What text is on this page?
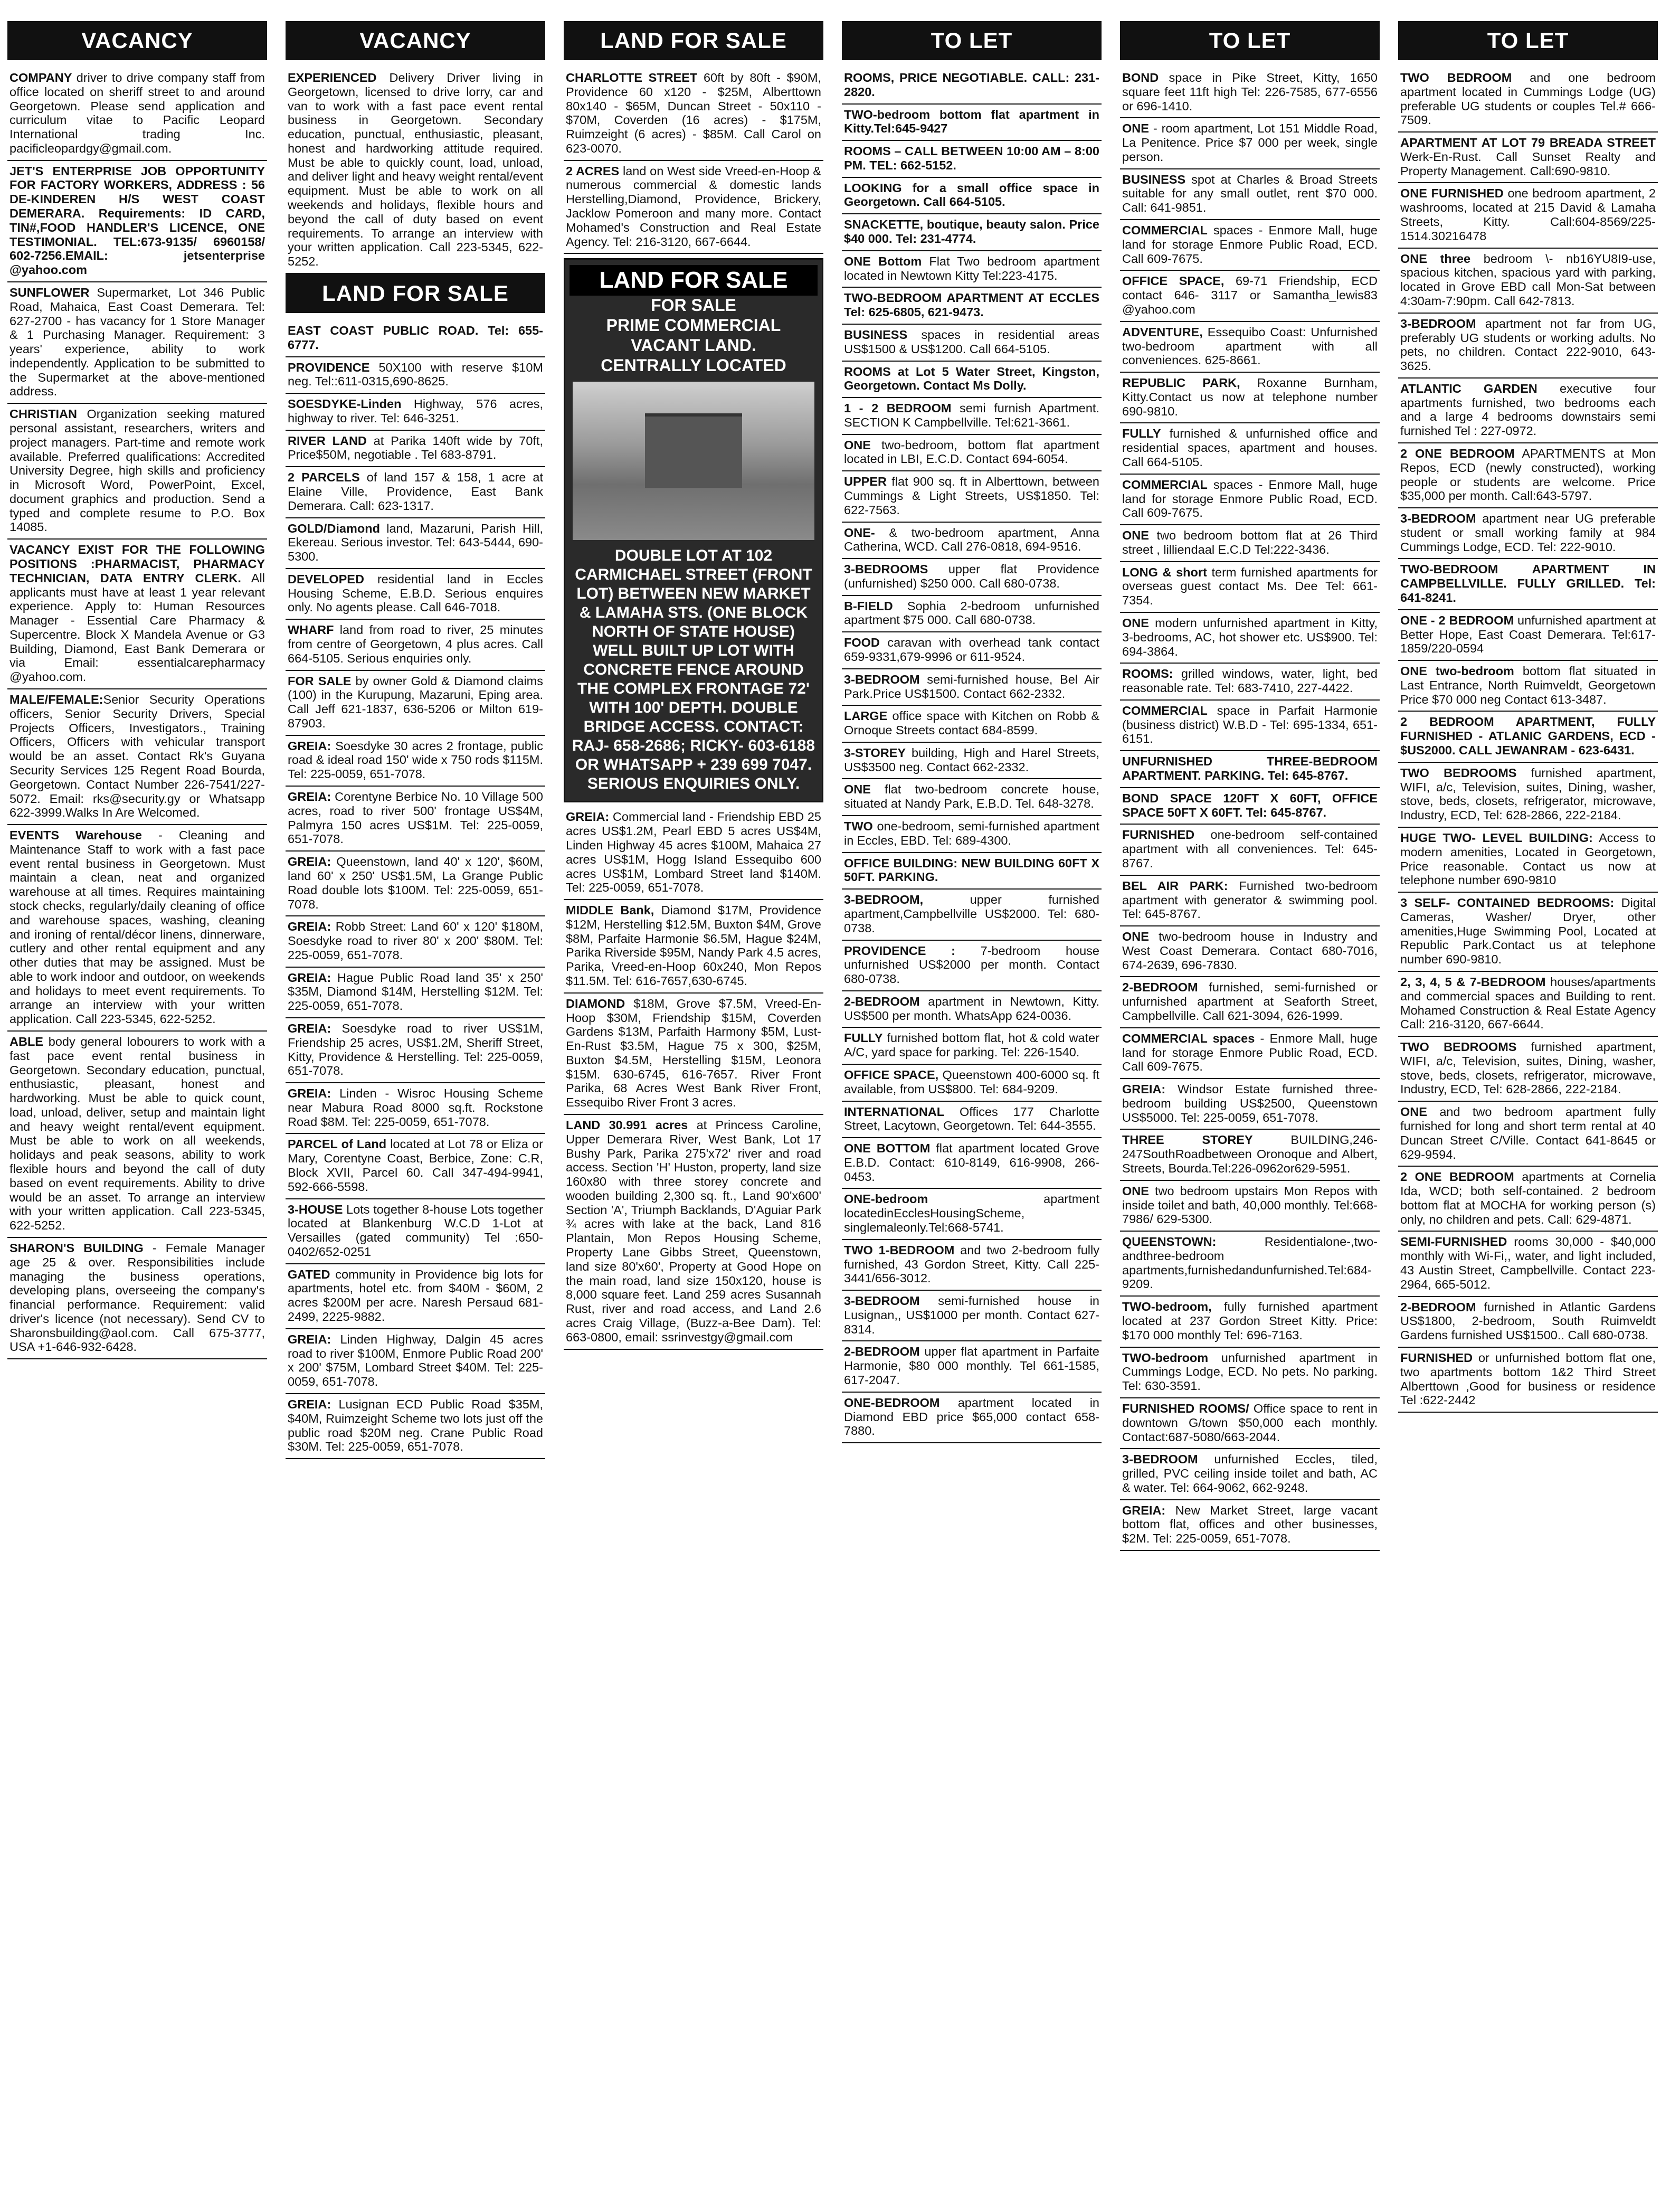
VACANCY
COMPANY driver to drive company staff from office located on sheriff street to and around Georgetown. Please send application and curriculum vitae to Pacific Leopard International trading Inc. pacificleopardgy@gmail.com.
JET'S ENTERPRISE JOB OPPORTUNITY FOR FACTORY WORKERS, ADDRESS : 56 DE-KINDEREN H/S WEST COAST DEMERARA. Requirements: ID CARD, TIN#,FOOD HANDLER'S LICENCE, ONE TESTIMONIAL. TEL:673-9135/ 6960158/ 602-7256.EMAIL: jetsenterprise @yahoo.com
SUNFLOWER Supermarket, Lot 346 Public Road, Mahaica, East Coast Demerara. Tel: 627-2700 - has vacancy for 1 Store Manager & 1 Purchasing Manager. Requirement: 3 years' experience, ability to work independently. Application to be submitted to the Supermarket at the above-mentioned address.
CHRISTIAN Organization seeking matured personal assistant, researchers, writers and project managers. Part-time and remote work available. Preferred qualifications: Accredited University Degree, high skills and proficiency in Microsoft Word, PowerPoint, Excel, document graphics and production. Send a typed and complete resume to P.O. Box 14085.
VACANCY EXIST FOR THE FOLLOWING POSITIONS :PHARMACIST, PHARMACY TECHNICIAN, DATA ENTRY CLERK. All applicants must have at least 1 year relevant experience. Apply to: Human Resources Manager - Essential Care Pharmacy & Supercentre. Block X Mandela Avenue or G3 Building, Diamond, East Bank Demerara or via Email: essentialcarepharmacy @yahoo.com.
MALE/FEMALE:Senior Security Operations officers, Senior Security Drivers, Special Projects Officers, Investigators., Training Officers, Officers with vehicular transport would be an asset. Contact Rk's Guyana Security Services 125 Regent Road Bourda, Georgetown. Contact Number 226-7541/227-5072. Email: rks@security.gy or Whatsapp 622-3999.Walks In Are Welcomed.
EVENTS Warehouse - Cleaning and Maintenance Staff to work with a fast pace event rental business in Georgetown. Must maintain a clean, neat and organized warehouse at all times. Requires maintaining stock checks, regularly/daily cleaning of office and warehouse spaces, washing, cleaning and ironing of rental/décor linens, dinnerware, cutlery and other rental equipment and any other duties that may be assigned. Must be able to work indoor and outdoor, on weekends and holidays to meet event requirements. To arrange an interview with your written application. Call 223-5345, 622-5252.
ABLE body general lobourers to work with a fast pace event rental business in Georgetown. Secondary education, punctual, enthusiastic, pleasant, honest and hardworking. Must be able to quick count, load, unload, deliver, setup and maintain light and heavy weight rental/event equipment. Must be able to work on all weekends, holidays and peak seasons, ability to work flexible hours and beyond the call of duty based on event requirements. Ability to drive would be an asset. To arrange an interview with your written application. Call 223-5345, 622-5252.
SHARON'S BUILDING - Female Manager age 25 & over. Responsibilities include managing the business operations, developing plans, overseeing the company's financial performance. Requirement: valid driver's licence (not necessary). Send CV to Sharonsbuilding@aol.com. Call 675-3777, USA +1-646-932-6428.
VACANCY
EXPERIENCED Delivery Driver living in Georgetown, licensed to drive lorry, car and van to work with a fast pace event rental business in Georgetown. Secondary education, punctual, enthusiastic, pleasant, honest and hardworking attitude required. Must be able to quickly count, load, unload, and deliver light and heavy weight rental/event equipment. Must be able to work on all weekends and holidays, flexible hours and beyond the call of duty based on event requirements. To arrange an interview with your written application. Call 223-5345, 622-5252.
LAND FOR SALE
EAST COAST PUBLIC ROAD. Tel: 655-6777.
PROVIDENCE 50X100 with reserve $10M neg. Tel::611-0315,690-8625.
SOESDYKE-Linden Highway, 576 acres, highway to river. Tel: 646-3251.
RIVER LAND at Parika 140ft wide by 70ft, Price$50M, negotiable . Tel 683-8791.
2 PARCELS of land 157 & 158, 1 acre at Elaine Ville, Providence, East Bank Demerara. Call: 623-1317.
GOLD/Diamond land, Mazaruni, Parish Hill, Ekereau. Serious investor. Tel: 643-5444, 690-5300.
DEVELOPED residential land in Eccles Housing Scheme, E.B.D. Serious enquires only. No agents please. Call 646-7018.
WHARF land from road to river, 25 minutes from centre of Georgetown, 4 plus acres. Call 664-5105. Serious enquiries only.
FOR SALE by owner Gold & Diamond claims (100) in the Kurupung, Mazaruni, Eping area. Call Jeff 621-1837, 636-5206 or Milton 619-87903.
GREIA: Soesdyke 30 acres 2 frontage, public road & ideal road 150' wide x 750 rods $115M. Tel: 225-0059, 651-7078.
GREIA: Corentyne Berbice No. 10 Village 500 acres, road to river 500' frontage US$4M, Palmyra 150 acres US$1M. Tel: 225-0059, 651-7078.
GREIA: Queenstown, land 40' x 120', $60M, land 60' x 250' US$1.5M, La Grange Public Road double lots $100M. Tel: 225-0059, 651-7078.
GREIA: Robb Street: Land 60' x 120' $180M, Soesdyke road to river 80' x 200' $80M. Tel: 225-0059, 651-7078.
GREIA: Hague Public Road land 35' x 250' $35M, Diamond $14M, Herstelling $12M. Tel: 225-0059, 651-7078.
GREIA: Soesdyke road to river US$1M, Friendship 25 acres, US$1.2M, Sheriff Street, Kitty, Providence & Herstelling. Tel: 225-0059, 651-7078.
GREIA: Linden - Wisroc Housing Scheme near Mabura Road 8000 sq.ft. Rockstone Road $8M. Tel: 225-0059, 651-7078.
PARCEL of Land located at Lot 78 or Eliza or Mary, Corentyne Coast, Berbice, Zone: C.R, Block XVII, Parcel 60. Call 347-494-9941, 592-666-5598.
3-HOUSE Lots together 8-house Lots together located at Blankenburg W.C.D 1-Lot at Versailles (gated community) Tel :650-0402/652-0251
GATED community in Providence big lots for apartments, hotel etc. from $40M - $60M, 2 acres $200M per acre. Naresh Persaud 681-2499, 2225-9882.
GREIA: Linden Highway, Dalgin 45 acres road to river $100M, Enmore Public Road 200' x 200' $75M, Lombard Street $40M. Tel: 225-0059, 651-7078.
GREIA: Lusignan ECD Public Road $35M, $40M, Ruimzeight Scheme two lots just off the public road $20M neg. Crane Public Road $30M. Tel: 225-0059, 651-7078.
LAND FOR SALE
CHARLOTTE STREET 60ft by 80ft - $90M, Providence 60 x120 - $25M, Alberttown 80x140 - $65M, Duncan Street - 50x110 - $70M, Coverden (16 acres) - $175M, Ruimzeight (6 acres) - $85M. Call Carol on 623-0070.
2 ACRES land on West side Vreed-en-Hoop & numerous commercial & domestic lands Herstelling,Diamond, Providence, Brickery, Jacklow Pomeroon and many more. Contact Mohamed's Construction and Real Estate Agency. Tel: 216-3120, 667-6644.
LAND FOR SALE
FOR SALE
PRIME COMMERCIAL
VACANT LAND.
CENTRALLY LOCATED
DOUBLE LOT AT 102 CARMICHAEL STREET (FRONT LOT) BETWEEN NEW MARKET & LAMAHA STS. (ONE BLOCK NORTH OF STATE HOUSE) WELL BUILT UP LOT WITH CONCRETE FENCE AROUND THE COMPLEX FRONTAGE 72' WITH 100' DEPTH. DOUBLE BRIDGE ACCESS. CONTACT: RAJ- 658-2686; RICKY- 603-6188 OR WHATSAPP + 239 699 7047. SERIOUS ENQUIRIES ONLY.
GREIA: Commercial land - Friendship EBD 25 acres US$1.2M, Pearl EBD 5 acres US$4M, Linden Highway 45 acres $100M, Mahaica 27 acres US$1M, Hogg Island Essequibo 600 acres US$1M, Lombard Street land $140M. Tel: 225-0059, 651-7078.
MIDDLE Bank, Diamond $17M, Providence $12M, Herstelling $12.5M, Buxton $4M, Grove $8M, Parfaite Harmonie $6.5M, Hague $24M, Parika Riverside $95M, Nandy Park 4.5 acres, Parika, Vreed-en-Hoop 60x240, Mon Repos $11.5M. Tel: 616-7657,630-6745.
DIAMOND $18M, Grove $7.5M, Vreed-En-Hoop $30M, Friendship $15M, Coverden Gardens $13M, Parfaith Harmony $5M, Lust-En-Rust $3.5M, Hague 75 x 300, $25M, Buxton $4.5M, Herstelling $15M, Leonora $15M. 630-6745, 616-7657. River Front Parika, 68 Acres West Bank River Front, Essequibo River Front 3 acres.
LAND 30.991 acres at Princess Caroline, Upper Demerara River, West Bank, Lot 17 Bushy Park, Parika 275'x72' river and road access. Section 'H' Huston, property, land size 160x80 with three storey concrete and wooden building 2,300 sq. ft., Land 90'x600' Section 'A', Triumph Backlands, D'Aguiar Park ¾ acres with lake at the back, Land 816 Plantain, Mon Repos Housing Scheme, Property Lane Gibbs Street, Queenstown, land size 80'x60', Property at Good Hope on the main road, land size 150x120, house is 8,000 square feet. Land 259 acres Susannah Rust, river and road access, and Land 2.6 acres Craig Village, (Buzz-a-Bee Dam). Tel: 663-0800, email: ssrinvestgy@gmail.com
TO LET
ROOMS, PRICE NEGOTIABLE. CALL: 231-2820.
TWO-bedroom bottom flat apartment in Kitty.Tel:645-9427
ROOMS – CALL BETWEEN 10:00 AM – 8:00 PM. TEL: 662-5152.
LOOKING for a small office space in Georgetown. Call 664-5105.
SNACKETTE, boutique, beauty salon. Price $40 000. Tel: 231-4774.
ONE Bottom Flat Two bedroom apartment located in Newtown Kitty Tel:223-4175.
TWO-BEDROOM APARTMENT AT ECCLES Tel: 625-6805, 621-9473.
BUSINESS spaces in residential areas US$1500 & US$1200. Call 664-5105.
ROOMS at Lot 5 Water Street, Kingston, Georgetown. Contact Ms Dolly.
1 - 2 BEDROOM semi furnish Apartment. SECTION K Campbellville. Tel:621-3661.
ONE two-bedroom, bottom flat apartment located in LBI, E.C.D. Contact 694-6054.
UPPER flat 900 sq. ft in Alberttown, between Cummings & Light Streets, US$1850. Tel: 622-7563.
ONE- & two-bedroom apartment, Anna Catherina, WCD. Call 276-0818, 694-9516.
3-BEDROOMS upper flat Providence (unfurnished) $250 000. Call 680-0738.
B-FIELD Sophia 2-bedroom unfurnished apartment $75 000. Call 680-0738.
FOOD caravan with overhead tank contact 659-9331,679-9996 or 611-9524.
3-BEDROOM semi-furnished house, Bel Air Park.Price US$1500. Contact 662-2332.
LARGE office space with Kitchen on Robb & Ornoque Streets contact 684-8599.
3-STOREY building, High and Harel Streets, US$3500 neg. Contact 662-2332.
ONE flat two-bedroom concrete house, situated at Nandy Park, E.B.D. Tel. 648-3278.
TWO one-bedroom, semi-furnished apartment in Eccles, EBD. Tel: 689-4300.
OFFICE BUILDING: NEW BUILDING 60FT X 50FT. PARKING.
3-BEDROOM, upper furnished apartment,Campbellville US$2000. Tel: 680-0738.
PROVIDENCE : 7-bedroom house unfurnished US$2000 per month. Contact 680-0738.
2-BEDROOM apartment in Newtown, Kitty. US$500 per month. WhatsApp 624-0036.
FULLY furnished bottom flat, hot & cold water A/C, yard space for parking. Tel: 226-1540.
OFFICE SPACE, Queenstown 400-6000 sq. ft available, from US$800. Tel: 684-9209.
INTERNATIONAL Offices 177 Charlotte Street, Lacytown, Georgetown. Tel: 644-3555.
ONE BOTTOM flat apartment located Grove E.B.D. Contact: 610-8149, 616-9908, 266-0453.
ONE-bedroom apartment locatedinEcclesHousingScheme, singlemaleonly.Tel:668-5741.
TWO 1-BEDROOM and two 2-bedroom fully furnished, 43 Gordon Street, Kitty. Call 225- 3441/656-3012.
3-BEDROOM semi-furnished house in Lusignan,, US$1000 per month. Contact 627-8314.
2-BEDROOM upper flat apartment in Parfaite Harmonie, $80 000 monthly. Tel 661-1585, 617-2047.
ONE-BEDROOM apartment located in Diamond EBD price $65,000 contact 658-7880.
TO LET
BOND space in Pike Street, Kitty, 1650 square feet 11ft high Tel: 226-7585, 677-6556 or 696-1410.
ONE - room apartment, Lot 151 Middle Road, La Penitence. Price $7 000 per week, single person.
BUSINESS spot at Charles & Broad Streets suitable for any small outlet, rent $70 000. Call: 641-9851.
COMMERCIAL spaces - Enmore Mall, huge land for storage Enmore Public Road, ECD. Call 609-7675.
OFFICE SPACE, 69-71 Friendship, ECD contact 646- 3117 or Samantha_lewis83 @yahoo.com
ADVENTURE, Essequibo Coast: Unfurnished two-bedroom apartment with all conveniences. 625-8661.
REPUBLIC PARK, Roxanne Burnham, Kitty.Contact us now at telephone number 690-9810.
FULLY furnished & unfurnished office and residential spaces, apartment and houses. Call 664-5105.
COMMERCIAL spaces - Enmore Mall, huge land for storage Enmore Public Road, ECD. Call 609-7675.
ONE two bedroom bottom flat at 26 Third street , lilliendaal E.C.D Tel:222-3436.
LONG & short term furnished apartments for overseas guest contact Ms. Dee Tel: 661-7354.
ONE modern unfurnished apartment in Kitty, 3-bedrooms, AC, hot shower etc. US$900. Tel: 694-3864.
ROOMS: grilled windows, water, light, bed reasonable rate. Tel: 683-7410, 227-4422.
COMMERCIAL space in Parfait Harmonie (business district) W.B.D - Tel: 695-1334, 651-6151.
UNFURNISHED THREE-BEDROOM APARTMENT. PARKING. Tel: 645-8767.
BOND SPACE 120FT X 60FT, OFFICE SPACE 50FT X 60FT. Tel: 645-8767.
FURNISHED one-bedroom self-contained apartment with all conveniences. Tel: 645-8767.
BEL AIR PARK: Furnished two-bedroom apartment with generator & swimming pool. Tel: 645-8767.
ONE two-bedroom house in Industry and West Coast Demerara. Contact 680-7016, 674-2639, 696-7830.
2-BEDROOM furnished, semi-furnished or unfurnished apartment at Seaforth Street, Campbellville. Call 621-3094, 626-1999.
COMMERCIAL spaces - Enmore Mall, huge land for storage Enmore Public Road, ECD. Call 609-7675.
GREIA: Windsor Estate furnished three-bedroom building US$2500, Queenstown US$5000. Tel: 225-0059, 651-7078.
THREE STOREY BUILDING,246-247SouthRoadbetween Oronoque and Albert, Streets, Bourda.Tel:226-0962or629-5951.
ONE two bedroom upstairs Mon Repos with inside toilet and bath, 40,000 monthly. Tel:668-7986/ 629-5300.
QUEENSTOWN: Residentialone-,two-andthree-bedroom apartments,furnishedandunfurnished.Tel:684-9209.
TWO-bedroom, fully furnished apartment located at 237 Gordon Street Kitty. Price: $170 000 monthly Tel: 696-7163.
TWO-bedroom unfurnished apartment in Cummings Lodge, ECD. No pets. No parking. Tel: 630-3591.
FURNISHED ROOMS/ Office space to rent in downtown G/town $50,000 each monthly. Contact:687-5080/663-2044.
3-BEDROOM unfurnished Eccles, tiled, grilled, PVC ceiling inside toilet and bath, AC & water. Tel: 664-9062, 662-9248.
GREIA: New Market Street, large vacant bottom flat, offices and other businesses, $2M. Tel: 225-0059, 651-7078.
TO LET
TWO BEDROOM and one bedroom apartment located in Cummings Lodge (UG) preferable UG students or couples Tel.# 666-7509.
APARTMENT AT LOT 79 BREADA STREET Werk-En-Rust. Call Sunset Realty and Property Management. Call:690-9810.
ONE FURNISHED one bedroom apartment, 2 washrooms, located at 215 David & Lamaha Streets, Kitty. Call:604-8569/225-1514.30216478
ONE three bedroom \- nb16YU8I9-use, spacious kitchen, spacious yard with parking, located in Grove EBD call Mon-Sat between 4:30am-7:90pm. Call 642-7813.
3-BEDROOM apartment not far from UG, preferably UG students or working adults. No pets, no children. Contact 222-9010, 643-3625.
ATLANTIC GARDEN executive four apartments furnished, two bedrooms each and a large 4 bedrooms downstairs semi furnished Tel : 227-0972.
2 ONE BEDROOM APARTMENTS at Mon Repos, ECD (newly constructed), working people or students are welcome. Price $35,000 per month. Call:643-5797.
3-BEDROOM apartment near UG preferable student or small working family at 984 Cummings Lodge, ECD. Tel: 222-9010.
TWO-BEDROOM APARTMENT IN CAMPBELLVILLE. FULLY GRILLED. Tel: 641-8241.
ONE - 2 BEDROOM unfurnished apartment at Better Hope, East Coast Demerara. Tel:617-1859/220-0594
ONE two-bedroom bottom flat situated in Last Entrance, North Ruimveldt, Georgetown Price $70 000 neg Contact 613-3487.
2 BEDROOM APARTMENT, FULLY FURNISHED - ATLANIC GARDENS, ECD - $US2000. CALL JEWANRAM - 623-6431.
TWO BEDROOMS furnished apartment, WIFI, a/c, Television, suites, Dining, washer, stove, beds, closets, refrigerator, microwave, Industry, ECD, Tel: 628-2866, 222-2184.
HUGE TWO- LEVEL BUILDING: Access to modern amenities, Located in Georgetown, Price reasonable. Contact us now at telephone number 690-9810
3 SELF- CONTAINED BEDROOMS: Digital Cameras, Washer/ Dryer, other amenities,Huge Swimming Pool, Located at Republic Park.Contact us at telephone number 690-9810.
2, 3, 4, 5 & 7-BEDROOM houses/apartments and commercial spaces and Building to rent. Mohamed Construction & Real Estate Agency Call: 216-3120, 667-6644.
TWO BEDROOMS furnished apartment, WIFI, a/c, Television, suites, Dining, washer, stove, beds, closets, refrigerator, microwave, Industry, ECD, Tel: 628-2866, 222-2184.
ONE and two bedroom apartment fully furnished for long and short term rental at 40 Duncan Street C/Ville. Contact 641-8645 or 629-9594.
2 ONE BEDROOM apartments at Cornelia Ida, WCD; both self-contained. 2 bedroom bottom flat at MOCHA for working person (s) only, no children and pets. Call: 629-4871.
SEMI-FURNISHED rooms 30,000 - $40,000 monthly with Wi-Fi,, water, and light included, 43 Austin Street, Campbellville. Contact 223-2964, 665-5012.
2-BEDROOM furnished in Atlantic Gardens US$1800, 2-bedroom, South Ruimveldt Gardens furnished US$1500.. Call 680-0738.
FURNISHED or unfurnished bottom flat one, two apartments bottom 1&2 Third Street Alberttown ,Good for business or residence Tel :622-2442
